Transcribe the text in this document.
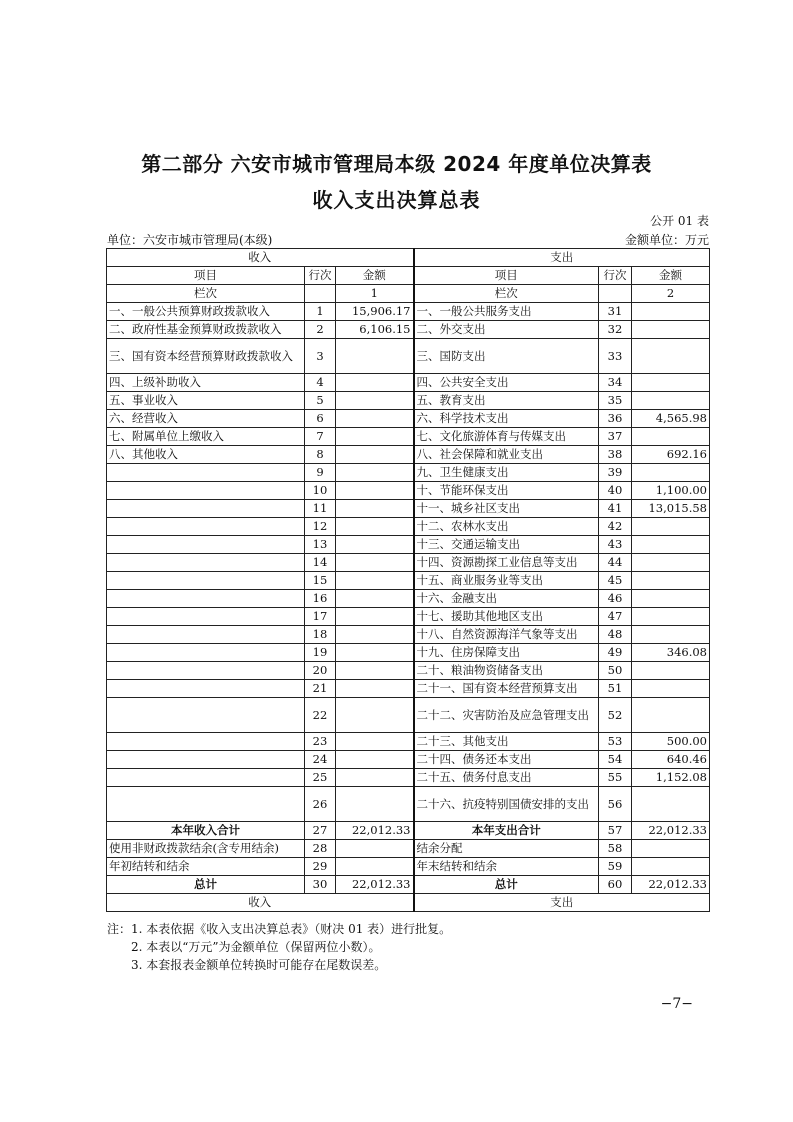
第二部分 六安市城市管理局本级 2024 年度单位决算表
收入支出决算总表
公开 01 表
单位：六安市城市管理局(本级)	金额单位：万元
收入			支出		
项目	行次	金额	项目	行次	金额
栏次		1	栏次		2
一、一般公共预算财政拨款收入	1	15,906.17	一、一般公共服务支出	31	
二、政府性基金预算财政拨款收入	2	6,106.15	二、外交支出	32	
三、国有资本经营预算财政拨款收入	3		三、国防支出	33	
四、上级补助收入	4		四、公共安全支出	34	
五、事业收入	5		五、教育支出	35	
六、经营收入	6		六、科学技术支出	36	4,565.98
七、附属单位上缴收入	7		七、文化旅游体育与传媒支出	37	
八、其他收入	8		八、社会保障和就业支出	38	692.16
	9		九、卫生健康支出	39	
	10		十、节能环保支出	40	1,100.00
	11		十一、城乡社区支出	41	13,015.58
	12		十二、农林水支出	42	
	13		十三、交通运输支出	43	
	14		十四、资源勘探工业信息等支出	44	
	15		十五、商业服务业等支出	45	
	16		十六、金融支出	46	
	17		十七、援助其他地区支出	47	
	18		十八、自然资源海洋气象等支出	48	
	19		十九、住房保障支出	49	346.08
	20		二十、粮油物资储备支出	50	
	21		二十一、国有资本经营预算支出	51	
	22		二十二、灾害防治及应急管理支出	52	
	23		二十三、其他支出	53	500.00
	24		二十四、债务还本支出	54	640.46
	25		二十五、债务付息支出	55	1,152.08
	26		二十六、抗疫特别国债安排的支出	56	
本年收入合计	27	22,012.33	本年支出合计	57	22,012.33
使用非财政拨款结余(含专用结余)	28		结余分配	58	
年初结转和结余	29		年末结转和结余	59	
总计	30	22,012.33	总计	60	22,012.33
收入			支出		
注：1. 本表依据《收入支出决算总表》（财决 01 表）进行批复。
2. 本表以“万元”为金额单位（保留两位小数）。
3. 本套报表金额单位转换时可能存在尾数误差。
−7−
